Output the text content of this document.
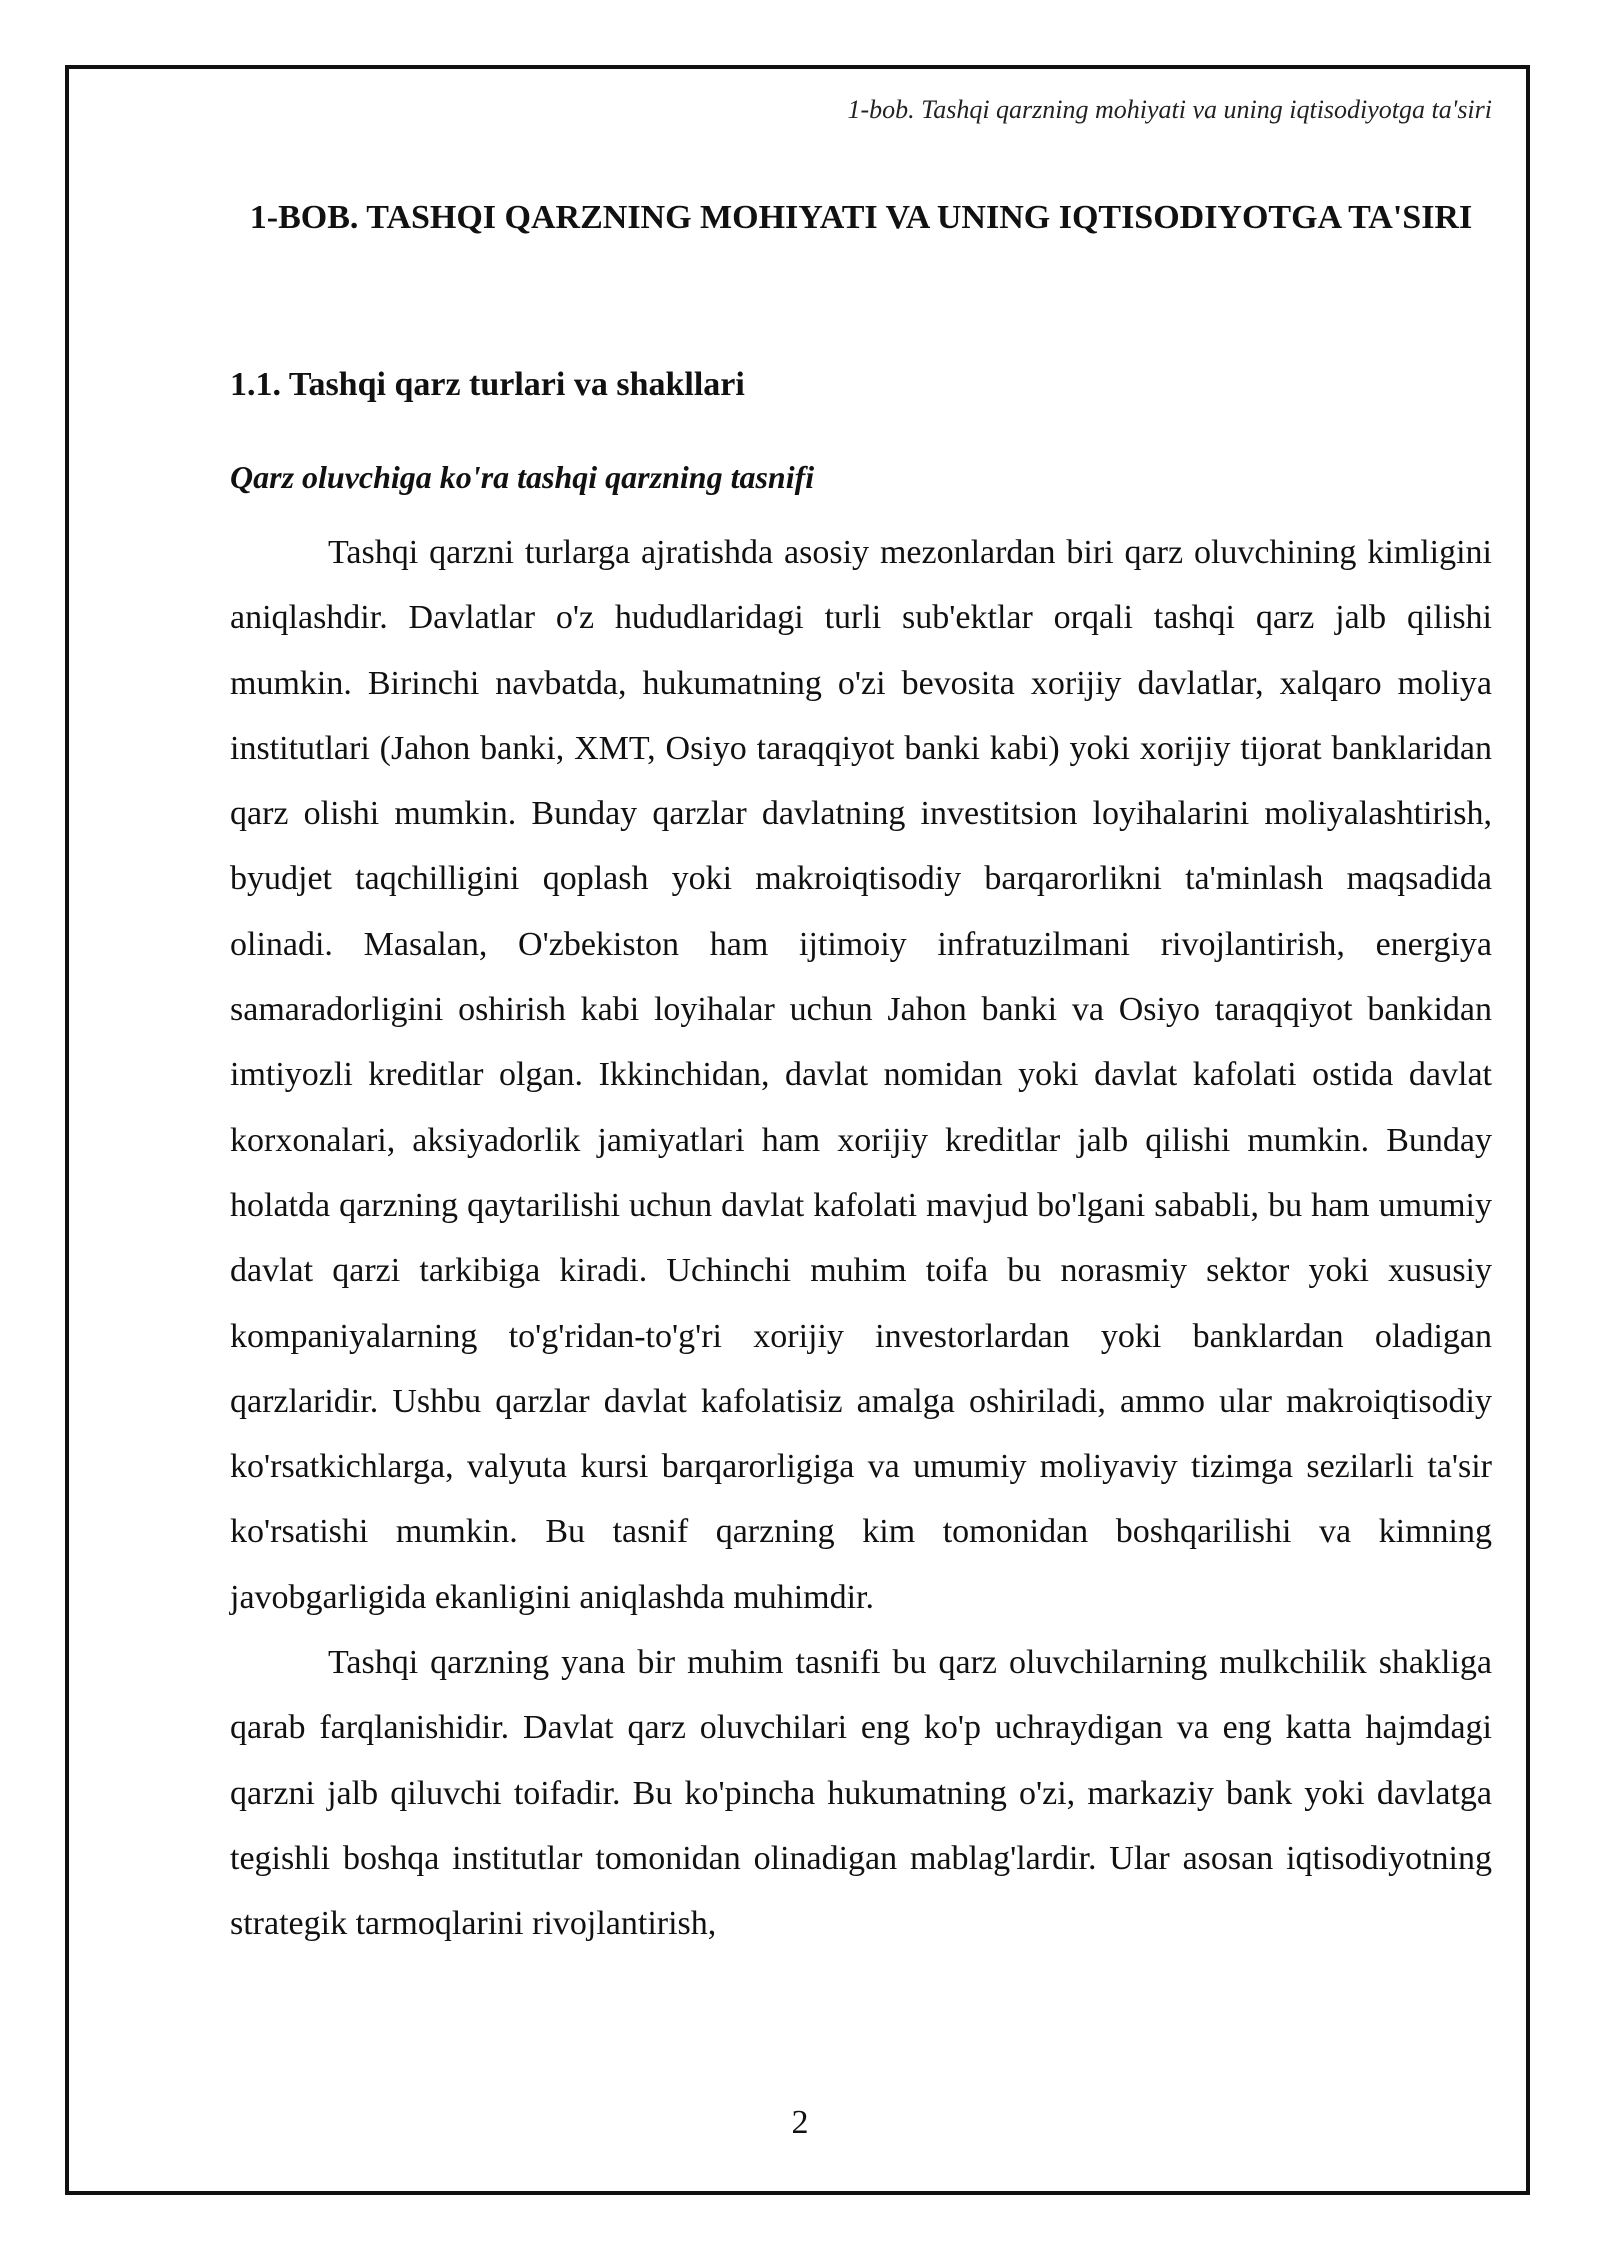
1-bob. Tashqi qarzning mohiyati va uning iqtisodiyotga ta'siri
1-BOB. TASHQI QARZNING MOHIYATI VA UNING IQTISODIYOTGA TA'SIRI
1.1. Tashqi qarz turlari va shakllari
Qarz oluvchiga ko'ra tashqi qarzning tasnifi

Tashqi qarzni turlarga ajratishda asosiy mezonlardan biri qarz oluvchining kimligini aniqlashdir. Davlatlar o'z hududlaridagi turli sub'ektlar orqali tashqi qarz jalb qilishi mumkin. Birinchi navbatda, hukumatning o'zi bevosita xorijiy davlatlar, xalqaro moliya institutlari (Jahon banki, XMT, Osiyo taraqqiyot banki kabi) yoki xorijiy tijorat banklaridan qarz olishi mumkin. Bunday qarzlar davlatning investitsion loyihalarini moliyalashtirish, byudjet taqchilligini qoplash yoki makroiqtisodiy barqarorlikni ta'minlash maqsadida olinadi. Masalan, O'zbekiston ham ijtimoiy infratuzilmani rivojlantirish, energiya samaradorligini oshirish kabi loyihalar uchun Jahon banki va Osiyo taraqqiyot bankidan imtiyozli kreditlar olgan. Ikkinchidan, davlat nomidan yoki davlat kafolati ostida davlat korxonalari, aksiyadorlik jamiyatlari ham xorijiy kreditlar jalb qilishi mumkin. Bunday holatda qarzning qaytarilishi uchun davlat kafolati mavjud bo'lgani sababli, bu ham umumiy davlat qarzi tarkibiga kiradi. Uchinchi muhim toifa bu norasmiy sektor yoki xususiy kompaniyalarning to'g'ridan-to'g'ri xorijiy investorlardan yoki banklardan oladigan qarzlaridir. Ushbu qarzlar davlat kafolatisiz amalga oshiriladi, ammo ular makroiqtisodiy ko'rsatkichlarga, valyuta kursi barqarorligiga va umumiy moliyaviy tizimga sezilarli ta'sir ko'rsatishi mumkin. Bu tasnif qarzning kim tomonidan boshqarilishi va kimning javobgarligida ekanligini aniqlashda muhimdir.

Tashqi qarzning yana bir muhim tasnifi bu qarz oluvchilarning mulkchilik shakliga qarab farqlanishidir. Davlat qarz oluvchilari eng ko'p uchraydigan va eng katta hajmdagi qarzni jalb qiluvchi toifadir. Bu ko'pincha hukumatning o'zi, markaziy bank yoki davlatga tegishli boshqa institutlar tomonidan olinadigan mablag'lardir. Ular asosan iqtisodiyotning strategik tarmoqlarini rivojlantirish,

2
